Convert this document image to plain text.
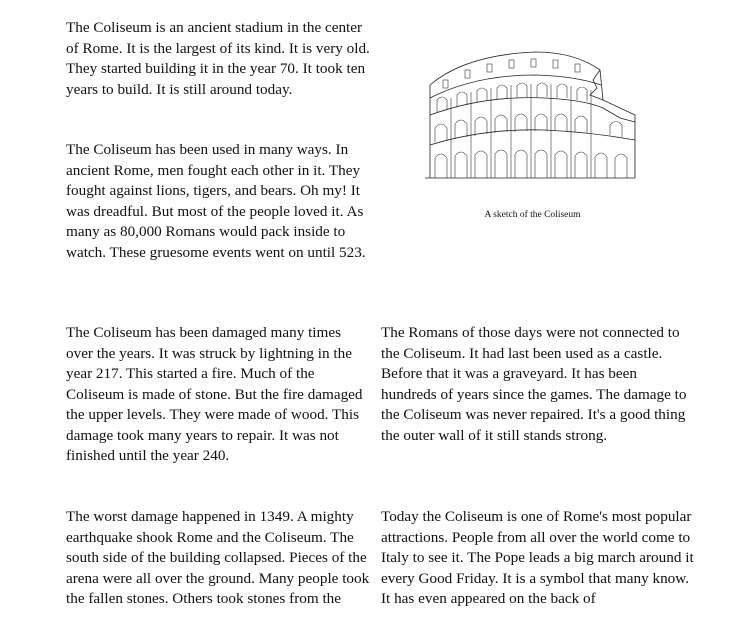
The Coliseum is an ancient stadium in the center of Rome. It is the largest of its kind. It is very old. They started building it in the year 70. It took ten years to build. It is still around today.

The Coliseum has been used in many ways. In ancient Rome, men fought each other in it. They fought against lions, tigers, and bears. Oh my! It was dreadful. But most of the people loved it. As many as 80,000 Romans would pack inside to watch. These gruesome events went on until 523.

The Coliseum has been damaged many times over the years. It was struck by lightning in the year 217. This started a fire. Much of the Coliseum is made of stone. But the fire damaged the upper levels. They were made of wood. This damage took many years to repair. It was not finished until the year 240.

The worst damage happened in 1349. A mighty earthquake shook Rome and the Coliseum. The south side of the building collapsed. Pieces of the arena were all over the ground. Many people took the fallen stones. Others took stones from the

The Romans of those days were not connected to the Coliseum. It had last been used as a castle. Before that it was a graveyard. It has been hundreds of years since the games. The damage to the Coliseum was never repaired. It's a good thing the outer wall of it still stands strong.

Today the Coliseum is one of Rome's most popular attractions. People from all over the world come to Italy to see it. The Pope leads a big march around it every Good Friday. It is a symbol that many know. It has even appeared on the back of

A sketch of the Coliseum
